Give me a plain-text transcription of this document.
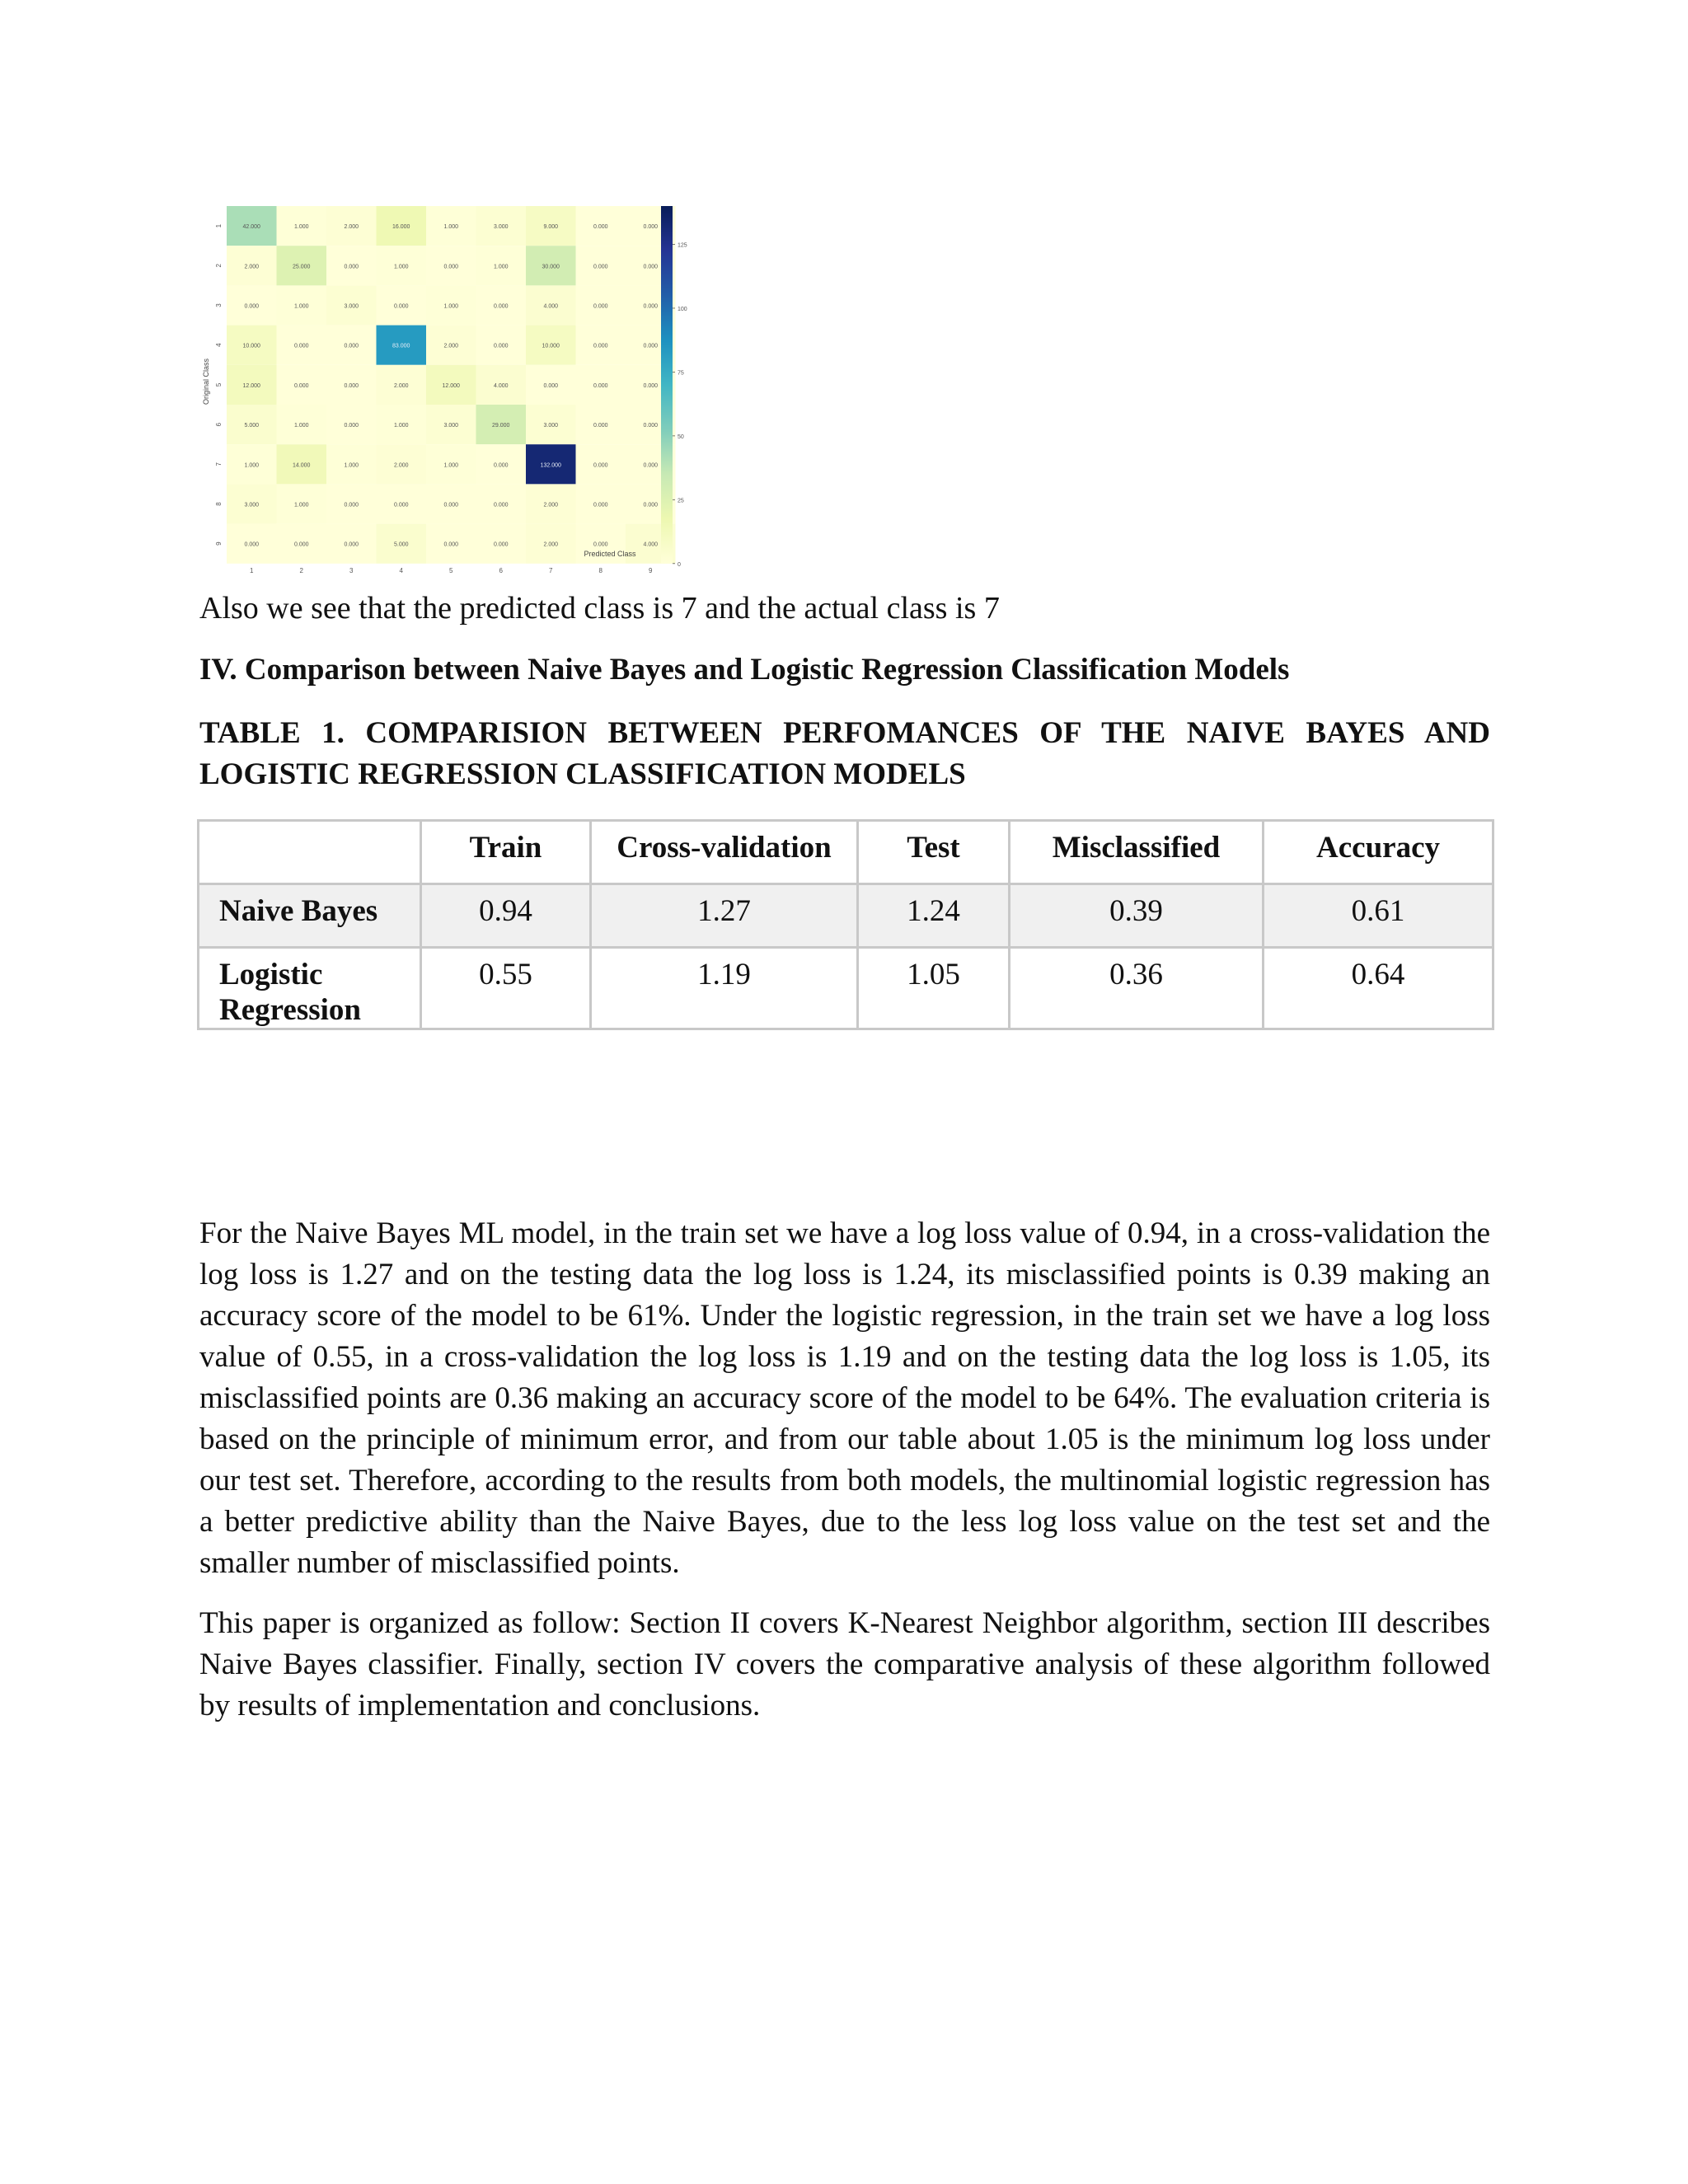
42.000	1.000	2.000	16.000	1.000	3.000	9.000	0.000	0.000
2.000	25.000	0.000	1.000	0.000	1.000	30.000	0.000	0.000
0.000	1.000	3.000	0.000	1.000	0.000	4.000	0.000	0.000
10.000	0.000	0.000	83.000	2.000	0.000	10.000	0.000	0.000
12.000	0.000	0.000	2.000	12.000	4.000	0.000	0.000	0.000
5.000	1.000	0.000	1.000	3.000	29.000	3.000	0.000	0.000
1.000	14.000	1.000	2.000	1.000	0.000	132.000	0.000	0.000
3.000	1.000	0.000	0.000	0.000	0.000	2.000	0.000	0.000
0.000	0.000	0.000	5.000	0.000	0.000	2.000	0.000	4.000
125
100
75
50
25
0
1	2	3	4	5	6	7	8	9
1
2
3
4
5
6
7
8
9
Predicted Class
Original Class
Also we see that the predicted class is 7 and the actual class is 7
IV. Comparison between Naive Bayes and Logistic Regression Classification Models
TABLE 1. COMPARISION BETWEEN PERFOMANCES OF THE NAIVE BAYES AND LOGISTIC REGRESSION CLASSIFICATION MODELS
	Train	Cross-validation	Test	Misclassified	Accuracy
Naive Bayes	0.94	1.27	1.24	0.39	0.61
Logistic Regression	0.55	1.19	1.05	0.36	0.64
For the Naive Bayes ML model, in the train set we have a log loss value of 0.94, in a cross-validation the log loss is 1.27 and on the testing data the log loss is 1.24, its misclassified points is 0.39 making an accuracy score of the model to be 61%. Under the logistic regression, in the train set we have a log loss value of 0.55, in a cross-validation the log loss is 1.19 and on the testing data the log loss is 1.05, its misclassified points are 0.36 making an accuracy score of the model to be 64%. The evaluation criteria is based on the principle of minimum error, and from our table about 1.05 is the minimum log loss under our test set. Therefore, according to the results from both models, the multinomial logistic regression has a better predictive ability than the Naive Bayes, due to the less log loss value on the test set and the smaller number of misclassified points.
This paper is organized as follow: Section II covers K-Nearest Neighbor algorithm, section III describes Naive Bayes classifier. Finally, section IV covers the comparative analysis of these algorithm followed by results of implementation and conclusions.
